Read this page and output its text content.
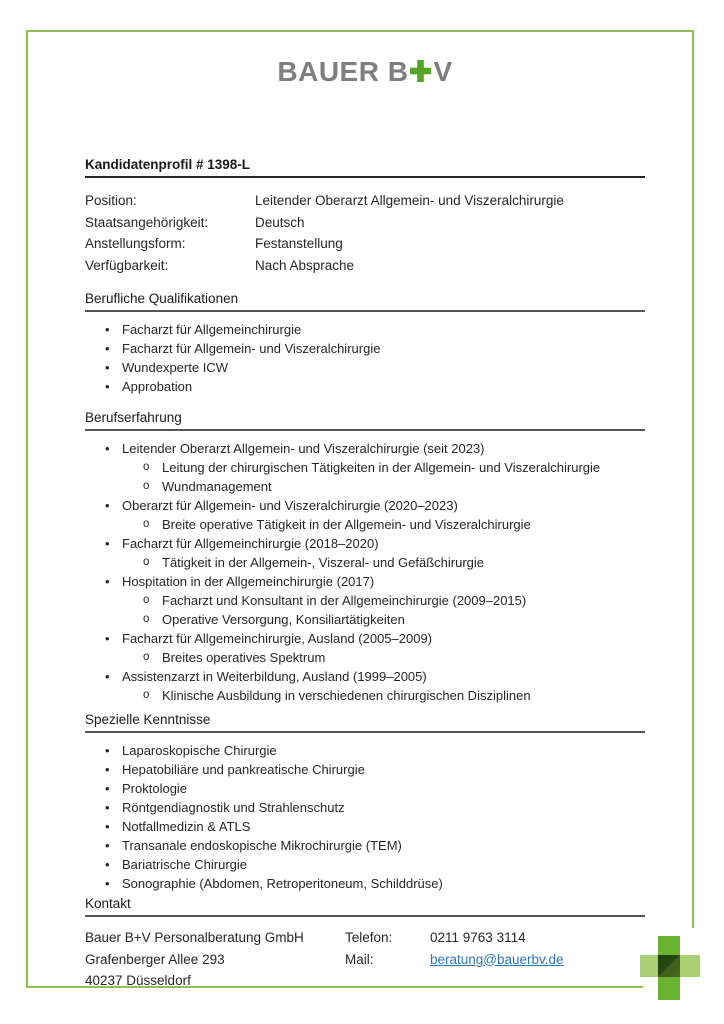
BAUER B V
Kandidatenprofil # 1398-L
Position:	Leitender Oberarzt Allgemein- und Viszeralchirurgie
Staatsangehörigkeit:	Deutsch
Anstellungsform:	Festanstellung
Verfügbarkeit:	Nach Absprache
Berufliche Qualifikationen
• Facharzt für Allgemeinchirurgie
• Facharzt für Allgemein- und Viszeralchirurgie
• Wundexperte ICW
• Approbation
Berufserfahrung
• Leitender Oberarzt Allgemein- und Viszeralchirurgie (seit 2023)
o Leitung der chirurgischen Tätigkeiten in der Allgemein- und Viszeralchirurgie
o Wundmanagement
• Oberarzt für Allgemein- und Viszeralchirurgie (2020–2023)
o Breite operative Tätigkeit in der Allgemein- und Viszeralchirurgie
• Facharzt für Allgemeinchirurgie (2018–2020)
o Tätigkeit in der Allgemein-, Viszeral- und Gefäßchirurgie
• Hospitation in der Allgemeinchirurgie (2017)
o Facharzt und Konsultant in der Allgemeinchirurgie (2009–2015)
o Operative Versorgung, Konsiliartätigkeiten
• Facharzt für Allgemeinchirurgie, Ausland (2005–2009)
o Breites operatives Spektrum
• Assistenzarzt in Weiterbildung, Ausland (1999–2005)
o Klinische Ausbildung in verschiedenen chirurgischen Disziplinen
Spezielle Kenntnisse
• Laparoskopische Chirurgie
• Hepatobiliäre und pankreatische Chirurgie
• Proktologie
• Röntgendiagnostik und Strahlenschutz
• Notfallmedizin & ATLS
• Transanale endoskopische Mikrochirurgie (TEM)
• Bariatrische Chirurgie
• Sonographie (Abdomen, Retroperitoneum, Schilddrüse)
Kontakt
Bauer B+V Personalberatung GmbH
Grafenberger Allee 293
40237 Düsseldorf
Telefon:	0211 9763 3114
Mail:	beratung@bauerbv.de
